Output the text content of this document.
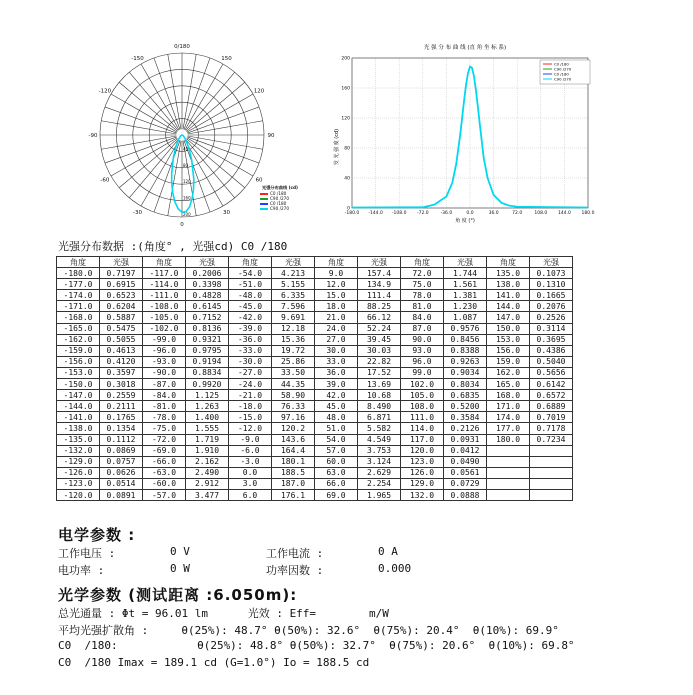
0/180
150
120
90
60
30
0
-30
-60
-90
-120
-150
40
80
120
160
200
光强分布曲线 (cd)
C0 /180
C90 /270
C0 /180
C90 /270
光 强 分 布 曲 线 (直 角 坐 标 系)
-180.0 -144.0 -108.0 -72.0	-36.0	0.0	36.0	72.0	108.0 144.0 180.0
0
40
80
120
160
200
发 光 强 度 (cd)
角 度 (°)
C0 /180
C90 /270
C0 /180
C90 /270
光强分布数据 :(角度° , 光强cd) C0 /180
角度	光强	角度	光强	角度	光强	角度	光强	角度	光强	角度	光强
-180.0	0.7197	-117.0	0.2006	-54.0	4.213	9.0	157.4	72.0	1.744	135.0	0.1073
-177.0	0.6915	-114.0	0.3398	-51.0	5.155	12.0	134.9	75.0	1.561	138.0	0.1310
-174.0	0.6523	-111.0	0.4828	-48.0	6.335	15.0	111.4	78.0	1.381	141.0	0.1665
-171.0	0.6204	-108.0	0.6145	-45.0	7.596	18.0	88.25	81.0	1.230	144.0	0.2076
-168.0	0.5887	-105.0	0.7152	-42.0	9.691	21.0	66.12	84.0	1.087	147.0	0.2526
-165.0	0.5475	-102.0	0.8136	-39.0	12.18	24.0	52.24	87.0	0.9576	150.0	0.3114
-162.0	0.5055	-99.0	0.9321	-36.0	15.36	27.0	39.45	90.0	0.8456	153.0	0.3695
-159.0	0.4613	-96.0	0.9795	-33.0	19.72	30.0	30.03	93.0	0.8388	156.0	0.4386
-156.0	0.4120	-93.0	0.9194	-30.0	25.86	33.0	22.82	96.0	0.9263	159.0	0.5040
-153.0	0.3597	-90.0	0.8834	-27.0	33.50	36.0	17.52	99.0	0.9034	162.0	0.5656
-150.0	0.3018	-87.0	0.9920	-24.0	44.35	39.0	13.69	102.0	0.8034	165.0	0.6142
-147.0	0.2559	-84.0	1.125	-21.0	58.90	42.0	10.68	105.0	0.6835	168.0	0.6572
-144.0	0.2111	-81.0	1.263	-18.0	76.33	45.0	8.490	108.0	0.5200	171.0	0.6889
-141.0	0.1765	-78.0	1.400	-15.0	97.16	48.0	6.871	111.0	0.3584	174.0	0.7019
-138.0	0.1354	-75.0	1.555	-12.0	120.2	51.0	5.582	114.0	0.2126	177.0	0.7178
-135.0	0.1112	-72.0	1.719	-9.0	143.6	54.0	4.549	117.0	0.0931	180.0	0.7234
-132.0	0.0869	-69.0	1.910	-6.0	164.4	57.0	3.753	120.0	0.0412		
-129.0	0.0757	-66.0	2.162	-3.0	180.1	60.0	3.124	123.0	0.0490		
-126.0	0.0626	-63.0	2.490	0.0	188.5	63.0	2.629	126.0	0.0561		
-123.0	0.0514	-60.0	2.912	3.0	187.0	66.0	2.254	129.0	0.0729		
-120.0	0.0891	-57.0	3.477	6.0	176.1	69.0	1.965	132.0	0.0888		
电学参数 :
工作电压 :	0 V	工作电流 :	0 A
电功率 :	0 W	功率因数 :	0.000
光学参数 (测试距离 :6.050m):
总光通量 : Φt = 96.01 lm      光效 : Eff=        m/W
平均光强扩散角 :     θ(25%): 48.7° θ(50%): 32.6°  θ(75%): 20.4°  θ(10%): 69.9°
C0  /180:            θ(25%): 48.8° θ(50%): 32.7°  θ(75%): 20.6°  θ(10%): 69.8°
C0  /180 Imax = 189.1 cd (G=1.0°) Io = 188.5 cd
